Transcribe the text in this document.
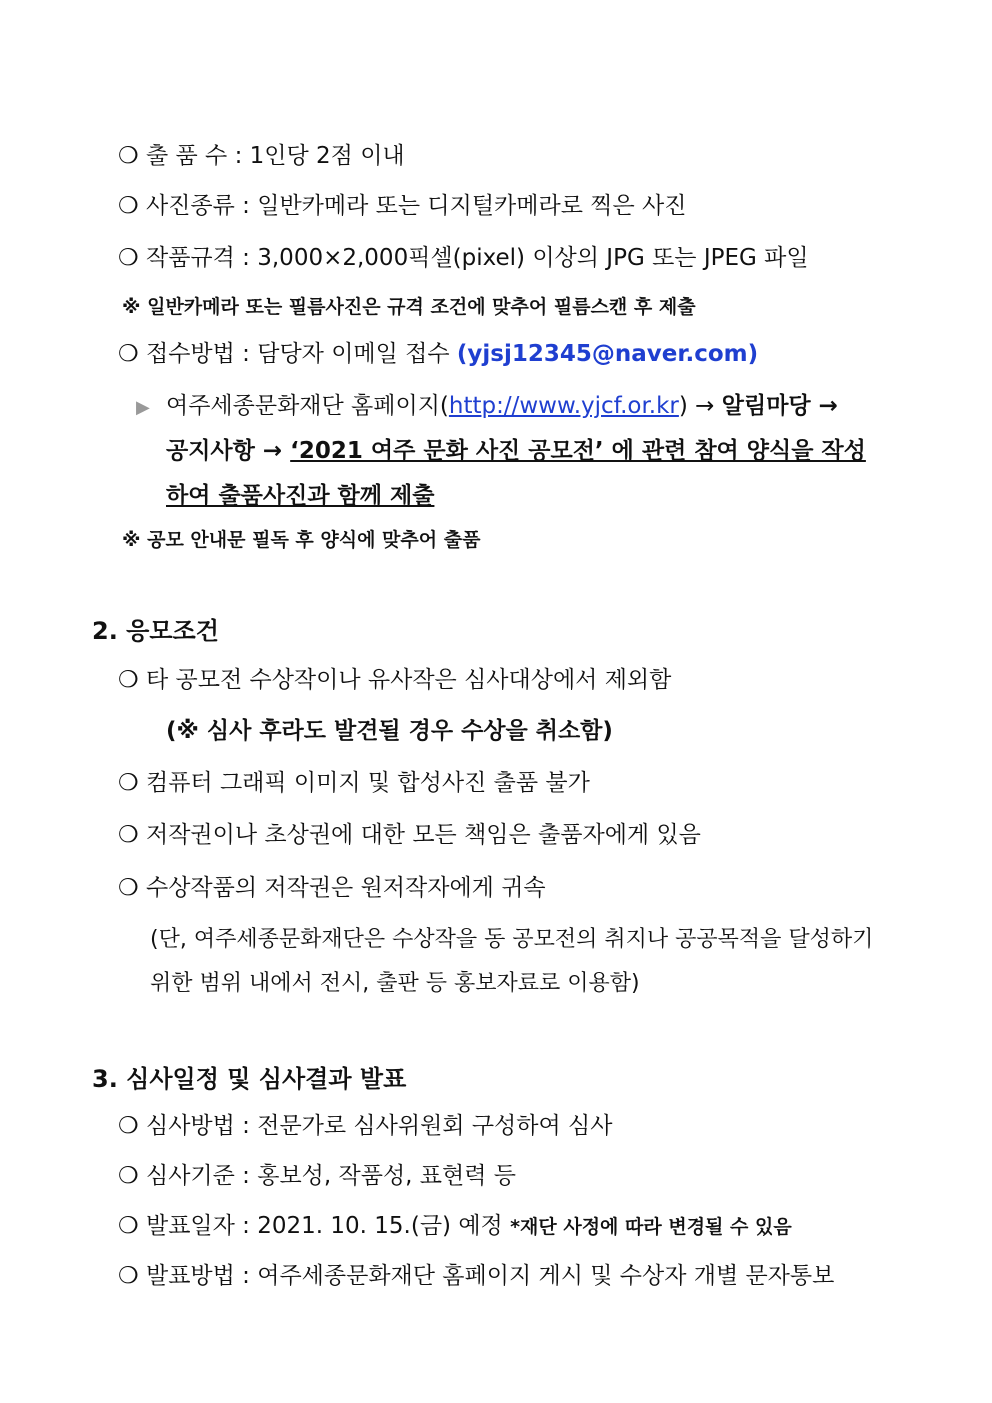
❍ 출 품 수 : 1인당 2점 이내
❍ 사진종류 : 일반카메라 또는 디지털카메라로 찍은 사진
❍ 작품규격 : 3,000×2,000픽셀(pixel) 이상의 JPG 또는 JPEG 파일
※ 일반카메라 또는 필름사진은 규격 조건에 맞추어 필름스캔 후 제출
❍ 접수방법 : 담당자 이메일 접수 (yjsj12345@naver.com)
▶ 여주세종문화재단 홈페이지(http://www.yjcf.or.kr) → 알림마당 →
공지사항 → ‘2021 여주 문화 사진 공모전’ 에 관련 참여 양식을 작성
하여 출품사진과 함께 제출
※ 공모 안내문 필독 후 양식에 맞추어 출품
2. 응모조건
❍ 타 공모전 수상작이나 유사작은 심사대상에서 제외함
(※ 심사 후라도 발견될 경우 수상을 취소함)
❍ 컴퓨터 그래픽 이미지 및 합성사진 출품 불가
❍ 저작권이나 초상권에 대한 모든 책임은 출품자에게 있음
❍ 수상작품의 저작권은 원저작자에게 귀속
(단, 여주세종문화재단은 수상작을 동 공모전의 취지나 공공목적을 달성하기
위한 범위 내에서 전시, 출판 등 홍보자료로 이용함)
3. 심사일정 및 심사결과 발표
❍ 심사방법 : 전문가로 심사위원회 구성하여 심사
❍ 심사기준 : 홍보성, 작품성, 표현력 등
❍ 발표일자 : 2021. 10. 15.(금) 예정 *재단 사정에 따라 변경될 수 있음
❍ 발표방법 : 여주세종문화재단 홈페이지 게시 및 수상자 개별 문자통보
